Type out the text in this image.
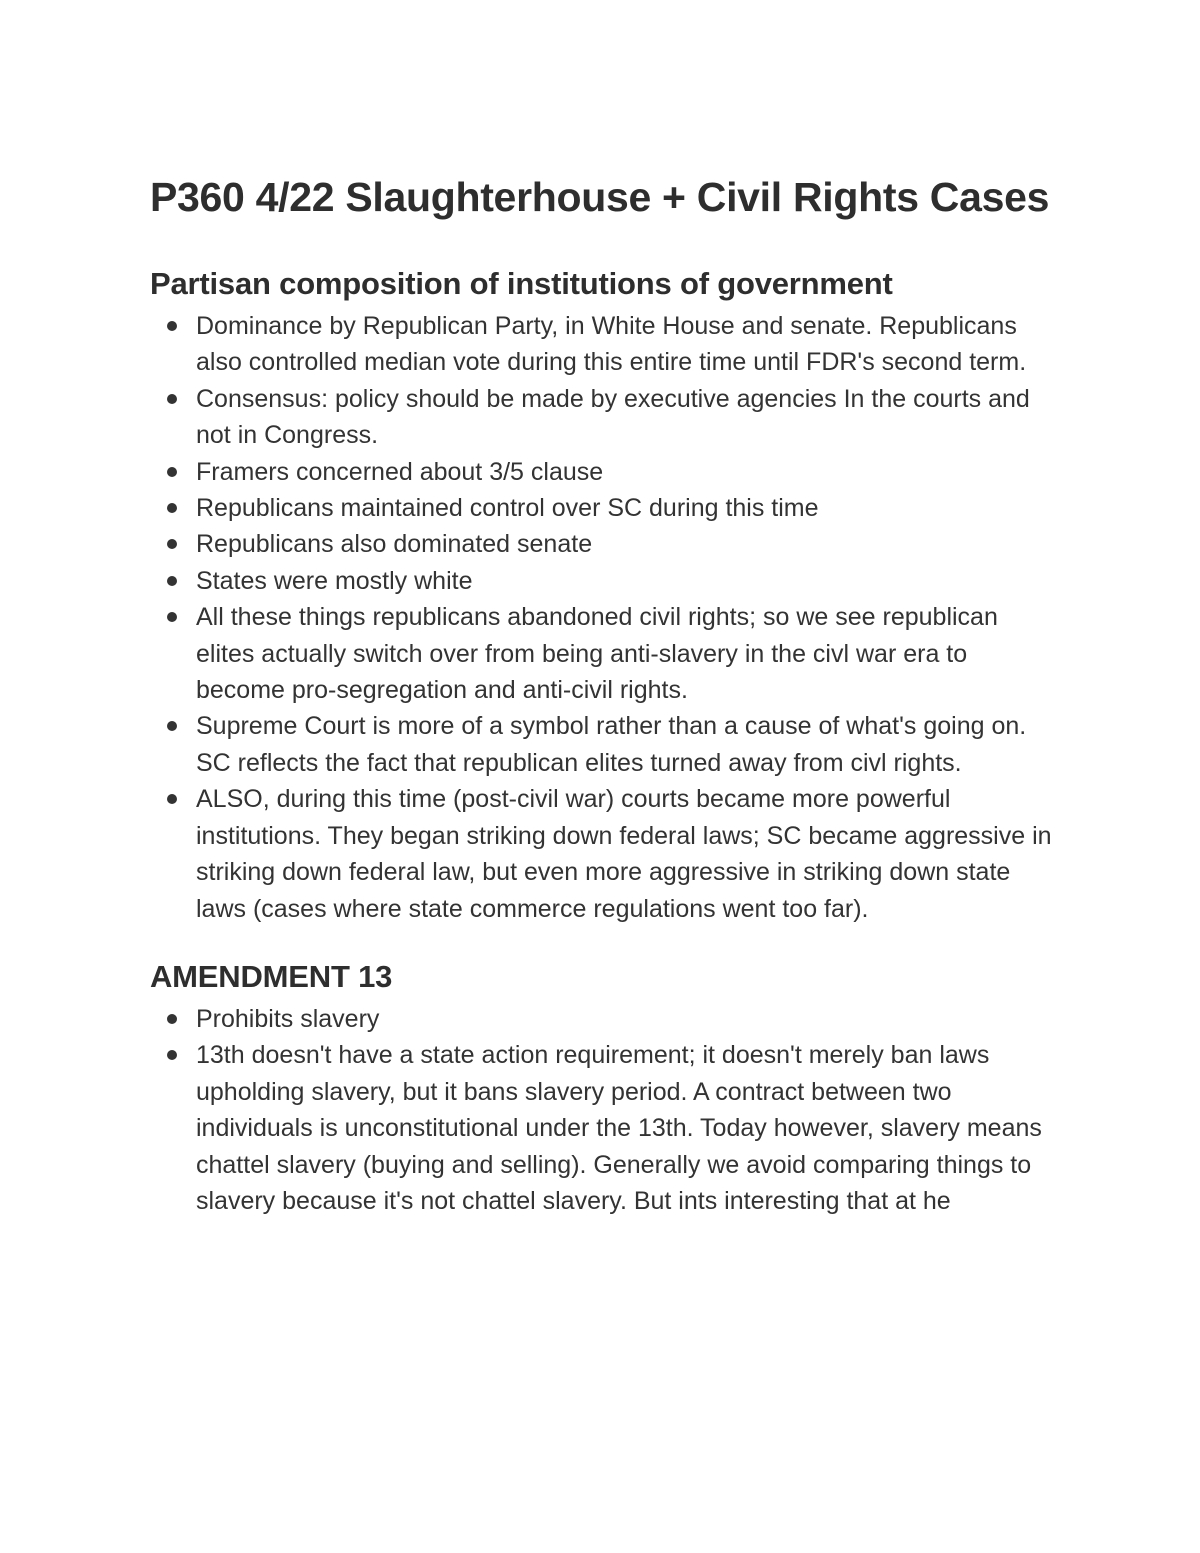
P360 4/22 Slaughterhouse + Civil Rights Cases
Partisan composition of institutions of government
Dominance by Republican Party, in White House and senate. Republicans also controlled median vote during this entire time until FDR's second term.
Consensus: policy should be made by executive agencies In the courts and not in Congress.
Framers concerned about 3/5 clause
Republicans maintained control over SC during this time
Republicans also dominated senate
States were mostly white
All these things republicans abandoned civil rights; so we see republican elites actually switch over from being anti-slavery in the civl war era to become pro-segregation and anti-civil rights.
Supreme Court is more of a symbol rather than a cause of what's going on. SC reflects the fact that republican elites turned away from civl rights.
ALSO, during this time (post-civil war) courts became more powerful institutions. They began striking down federal laws; SC became aggressive in striking down federal law, but even more aggressive in striking down state laws (cases where state commerce regulations went too far).
AMENDMENT 13
Prohibits slavery
13th doesn't have a state action requirement; it doesn't merely ban laws upholding slavery, but it bans slavery period. A contract between two individuals is unconstitutional under the 13th. Today however, slavery means chattel slavery (buying and selling). Generally we avoid comparing things to slavery because it's not chattel slavery. But ints interesting that at he
